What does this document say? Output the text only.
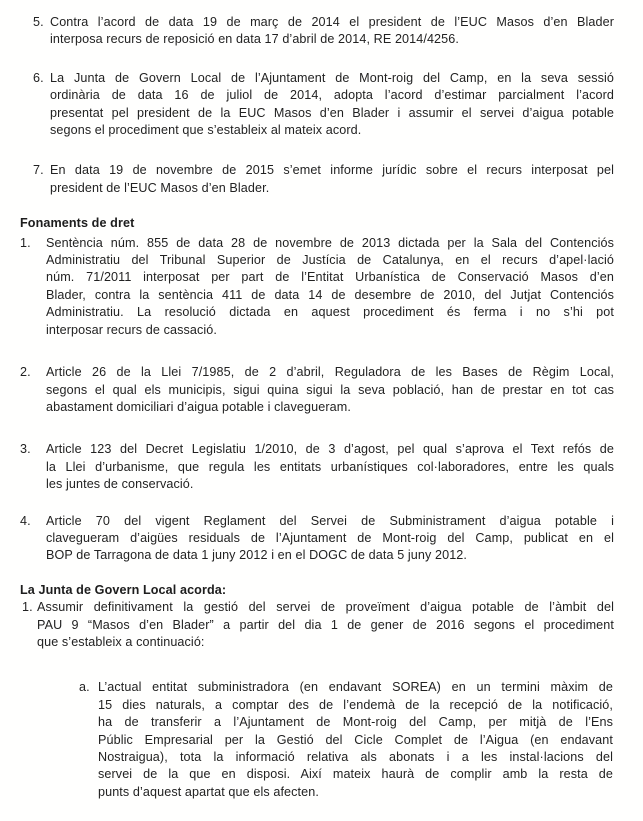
5. Contra l’acord de data 19 de març de 2014 el president de l’EUC Masos d’en Blader
interposa recurs de reposició en data 17 d’abril de 2014, RE 2014/4256.
6. La Junta de Govern Local de l’Ajuntament de Mont-roig del Camp, en la seva sessió
ordinària de data 16 de juliol de 2014, adopta l’acord d’estimar parcialment l’acord
presentat pel president de la EUC Masos d’en Blader i assumir el servei d’aigua potable
segons el procediment que s’estableix al mateix acord.
7. En data 19 de novembre de 2015 s’emet informe jurídic sobre el recurs interposat pel
president de l’EUC Masos d’en Blader.
Fonaments de dret
1. Sentència núm. 855 de data 28 de novembre de 2013 dictada per la Sala del Contenciós
Administratiu del Tribunal Superior de Justícia de Catalunya, en el recurs d’apel·lació
núm. 71/2011 interposat per part de l’Entitat Urbanística de Conservació Masos d’en
Blader, contra la sentència 411 de data 14 de desembre de 2010, del Jutjat Contenciós
Administratiu. La resolució dictada en aquest procediment és ferma i no s’hi pot
interposar recurs de cassació.
2. Article 26 de la Llei 7/1985, de 2 d’abril, Reguladora de les Bases de Règim Local,
segons el qual els municipis, sigui quina sigui la seva població, han de prestar en tot cas
abastament domiciliari d’aigua potable i clavegueram.
3. Article 123 del Decret Legislatiu 1/2010, de 3 d’agost, pel qual s’aprova el Text refós de
la Llei d’urbanisme, que regula les entitats urbanístiques col·laboradores, entre les quals
les juntes de conservació.
4. Article 70 del vigent Reglament del Servei de Subministrament d’aigua potable i
clavegueram d’aigües residuals de l’Ajuntament de Mont-roig del Camp, publicat en el
BOP de Tarragona de data 1 juny 2012 i en el DOGC de data 5 juny 2012.
La Junta de Govern Local acorda:
1. Assumir definitivament la gestió del servei de proveïment d’aigua potable de l’àmbit del
PAU 9 “Masos d’en Blader” a partir del dia 1 de gener de 2016 segons el procediment
que s’estableix a continuació:
a. L’actual entitat subministradora (en endavant SOREA) en un termini màxim de
15 dies naturals, a comptar des de l’endemà de la recepció de la notificació,
ha de transferir a l’Ajuntament de Mont-roig del Camp, per mitjà de l’Ens
Públic Empresarial per la Gestió del Cicle Complet de l’Aigua (en endavant
Nostraigua), tota la informació relativa als abonats i a les instal·lacions del
servei de la que en disposi. Així mateix haurà de complir amb la resta de
punts d’aquest apartat que els afecten.
